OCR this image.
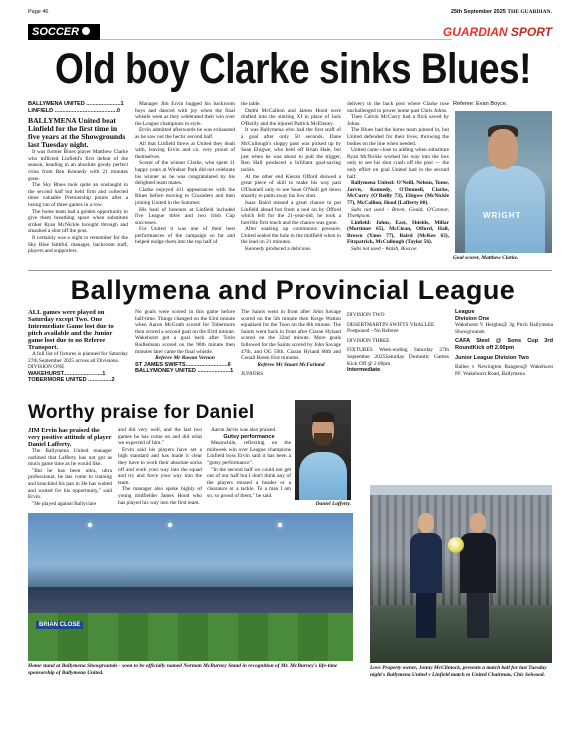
Page 46	25th September 2025 THE GUARDIAN.
SOCCER	GUARDIAN SPORT
Old boy Clarke sinks Blues!

BALLYMENA UNITED ......................1

LINFIELD ........................................0

BALLYMENA United beat Linfield for the first time in five years at the Showgrounds last Tuesday night.

It was former Blues player Matthew Clarke who inflicted Linfield's first defeat of the season, heading in an absolute goody perfect cross from Ben Kennedy with 21 minutes gone.

The Sky Blues took quite an onslaught in the second half but held firm and collected three valuable Premiership points after a losing run of three games in a row.

The home team had a golden opportunity to give them breathing space when substitute striker Ryan McNickle brought through and smashed a shot off the post.

It certainly was a night to remember for the Sky Blue faithful, manager, backroom staff, players and supporters.

Manager Jim Ervin hugged his backroom boys and danced with joy when the final whistle went as they celebrated their win over the League champions in style.

Ervin admitted afterwards he was exhausted as he saw out the hectic second half.

All that Linfield threw at United they dealt with, leaving Ervin and co. very proud of themselves.

Scorer of the winner Clarke, who spent 11 happy years at Windsor Park did not celebrate his winner as he was congratulated by his delighted team mates.

Clarke enjoyed 411 appearances with the Blues before moving to Crusaders and then joining United in the Summer.

His haul of honours at Linfield included five League titles and two Irish Cup successes.

For United it was one of their best performances of the campaign so far and helped nudge them into the top half of

the table.

Daithi McCallion and James Hood were drafted into the starting XI in place of Jack O'Reilly and the injured Patrick McEleney.

It was Ballymena who had the first sniff of a goal after only 50 seconds. Dane McCullough's sloppy pass was picked up by Sean Ehigwe, who held off Brian Hale, but just when he was about to pull the trigger, Ben Hall produced a brilliant goal-saving tackle.

At the other end Kieran Offord showed a great piece of skill to make his way past O'Donnell only to see Sean O'Neill get down smartly to palm away his low shot.

Isaac Baird missed a great chance to put Linfield ahead but from a nod on by Offord which fell for the 21-year-old, he took a horrible first touch and the chance was gone.

After soaking up continuous pressure, United sealed the hole in the midfield when in the lead on 21 minutes.

Kennedy produced a delicious

delivery to the back post where Clarke rose unchallenged to power home past Chris Johns.

Then Calvin McCurry had a flick saved by Johns.

The Blues had the home team pinned in, but United defended for their lives, throwing the bodies on the line when needed.

United came close to adding when substitute Ryan McNickle worked his way into the box only to see his shot crash off the post — the only effort on goal United had in the second half.

Ballymena United: O'Neill, Nelson, Tome, Jarvis, Kennedy, O'Donnell, Clarke, McCurry (O'Reilly 73), Ehigwe (McNickle 77), McCallion, Hood (Lafferty 80).

Subs not used - Breen, Gould, O'Connor, Thompson.

Linfield: Johns, East, Shields, Millar (Mortimer 65), McClean, Offord, Hall, Brown (Yates 77), Baird (McKee 63), Fitzpatrick, McCullough (Taylor 56).

Subs not used - Walsh, Roscoe.

Referee: Evan Boyce.
WRIGHT
Goal scorer, Matthew Clarke.
Ballymena and Provincial League

ALL games were played on Saturday except Two. One Intermediate Game lost due to pitch available and the Junior game lost due to no Referee Transport.

A full list of fixtures is planned for Saturday 27th September 2025 across all Divisions.

DIVISION ONE

WAKEHURST.........................1

TOBERMORE UNITED ...............2

No goals were scored in this game before half-time. Things changed on the 63rd minute when Aaron McGrath scored for Tobermore then scored a second goal on the 83rd minute. Wakehurst got a goal back after Torin Rodlemann scored on the 90th minute then minutes later came the final whistle.

Referee Mr Rowan Vernon

ST JAMES SWIFTS...........................6

BALLYMONEY UNITED .....................1

The Saints went in front after John Savage scored on the 5th minute then Kerge Watton equalised for the Toon on the 8th minute. The Saints went back in front after Ciaran Hyland scored on the 32nd minute. More goals followed for the Saints scored by John Savage 47th, and OG 59th, Ciaran Hyland 68th and Conall Breen 81st minutes.

Referee Mr Stuart McFarland

JUNIORS

DIVISION TWO

DESERTMARTIN SWIFTS VBALLEE

Postponed - No Referee

DIVISION THREE

FIXTURES Week-ending Saturday 27th September 2025Saturday Domestic Games Kick Off @ 2.00pm

Intermediate

League

Division One

Wakehurst V Heights@ 3g Pitch Ballymena Showgrounds

CAFA Steel @ Sons Cup 3rd RoundKick off 2.00pm

Junior League Division Two

Ballee v Newington Rangers@ Wakehurst PF. Wakehurst Road, Ballymena

Worthy praise for Daniel

JIM Ervin has praised the very positive attitude of player Daniel Lafferty.

The Ballymena United manager outlined that Lafferty has not got as much game time as he would like.

"But he has been ultra, ultra professional, he has come to training and knuckled his pan in He has waited and waited for his opportunity," said Ervin.

"He played against Ballyclare

and did very well, and the last two games he has come on and did what we expected of him."

Ervin said his players have set a high standard and has made it clear they have to work their absolute socks off and work your way into the squad and try and force your way into the team.

The manager also spoke highly of young midfielder James Hood who has played his way into the first team.

Aaron Jarvis was also praised.

Gutsy performance

Meanwhile, reflecting on the midweek win over League champions Linfield boss Ervin said it has been a "gutsy performance".

"In the second half we could not get out of our half but I don't think any of the players missed a header or a clearance or a tackle. To a man I am so, so proud of them," he said.

Daniel Lafferty.
BRIAN CLOSE
Home stand at Ballymena Showgrounds - soon to be officially named Norman McBurney Stand in recognition of Mr. McBurney's life-time sponsorship of Ballymena United.
Love Property owner, Jonny McClintock, presents a match ball for last Tuesday night's Ballymena United v Linfield match to United Chairman, Chis Selwood.
